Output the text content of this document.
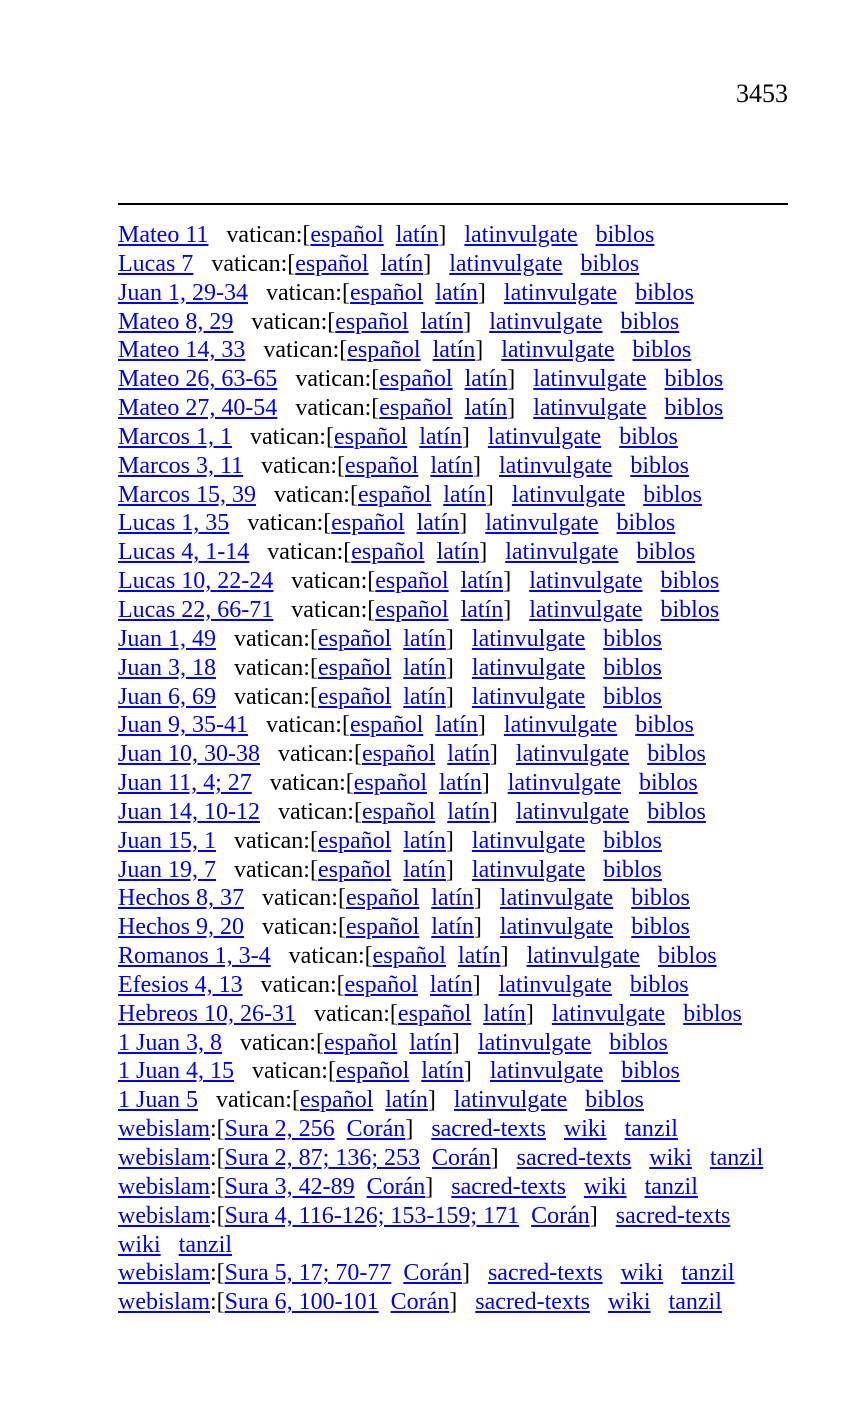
3453
Mateo 11 vatican:[español latín] latinvulgate biblos
Lucas 7 vatican:[español latín] latinvulgate biblos
Juan 1, 29-34 vatican:[español latín] latinvulgate biblos
Mateo 8, 29 vatican:[español latín] latinvulgate biblos
Mateo 14, 33 vatican:[español latín] latinvulgate biblos
Mateo 26, 63-65 vatican:[español latín] latinvulgate biblos
Mateo 27, 40-54 vatican:[español latín] latinvulgate biblos
Marcos 1, 1 vatican:[español latín] latinvulgate biblos
Marcos 3, 11 vatican:[español latín] latinvulgate biblos
Marcos 15, 39 vatican:[español latín] latinvulgate biblos
Lucas 1, 35 vatican:[español latín] latinvulgate biblos
Lucas 4, 1-14 vatican:[español latín] latinvulgate biblos
Lucas 10, 22-24 vatican:[español latín] latinvulgate biblos
Lucas 22, 66-71 vatican:[español latín] latinvulgate biblos
Juan 1, 49 vatican:[español latín] latinvulgate biblos
Juan 3, 18 vatican:[español latín] latinvulgate biblos
Juan 6, 69 vatican:[español latín] latinvulgate biblos
Juan 9, 35-41 vatican:[español latín] latinvulgate biblos
Juan 10, 30-38 vatican:[español latín] latinvulgate biblos
Juan 11, 4; 27 vatican:[español latín] latinvulgate biblos
Juan 14, 10-12 vatican:[español latín] latinvulgate biblos
Juan 15, 1 vatican:[español latín] latinvulgate biblos
Juan 19, 7 vatican:[español latín] latinvulgate biblos
Hechos 8, 37 vatican:[español latín] latinvulgate biblos
Hechos 9, 20 vatican:[español latín] latinvulgate biblos
Romanos 1, 3-4 vatican:[español latín] latinvulgate biblos
Efesios 4, 13 vatican:[español latín] latinvulgate biblos
Hebreos 10, 26-31 vatican:[español latín] latinvulgate biblos
1 Juan 3, 8 vatican:[español latín] latinvulgate biblos
1 Juan 4, 15 vatican:[español latín] latinvulgate biblos
1 Juan 5 vatican:[español latín] latinvulgate biblos
webislam:[Sura 2, 256 Corán] sacred-texts wiki tanzil
webislam:[Sura 2, 87; 136; 253 Corán] sacred-texts wiki tanzil
webislam:[Sura 3, 42-89 Corán] sacred-texts wiki tanzil
webislam:[Sura 4, 116-126; 153-159; 171 Corán] sacred-texts
wiki tanzil
webislam:[Sura 5, 17; 70-77 Corán] sacred-texts wiki tanzil
webislam:[Sura 6, 100-101 Corán] sacred-texts wiki tanzil
